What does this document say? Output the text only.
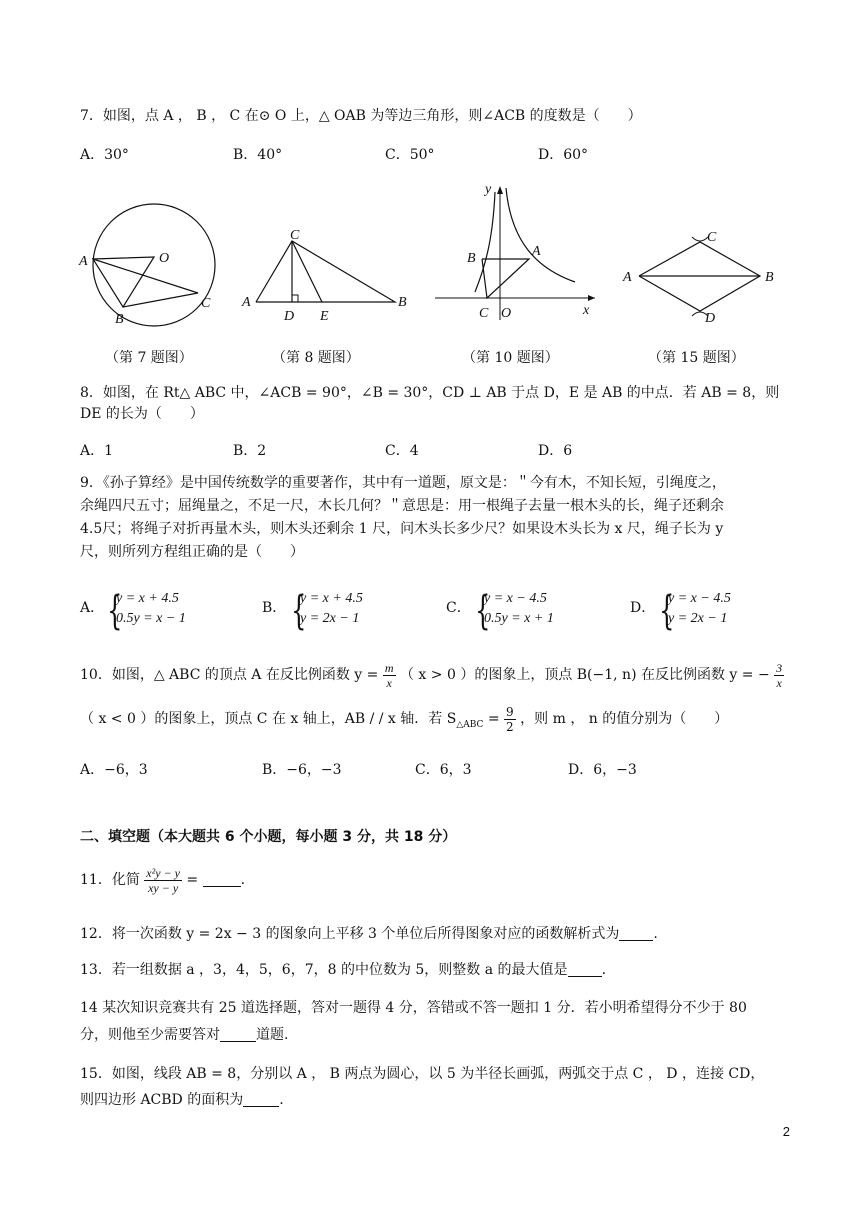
7．如图，点 A ， B ， C 在⊙ O 上，△ OAB 为等边三角形，则∠ACB 的度数是（　　）
A．30°	B．40°	C．50°	D．60°
A	O
B
C
C
A
D E
B
y
B	A
C O	x
C
A	B
D
（第 7 题图）	（第 8 题图）	（第 10 题图）	（第 15 题图）
8．如图，在 Rt△ ABC 中，∠ACB = 90°，∠B = 30°，CD ⊥ AB 于点 D，E 是 AB 的中点．若 AB = 8，则
DE 的长为（　　）
A．1	B．2	C．4	D．6
9．《孙子算经》是中国传统数学的重要著作，其中有一道题，原文是：＂今有木，不知长短，引绳度之，
余绳四尺五寸；屈绳量之，不足一尺，木长几何？＂意思是：用一根绳子去量一根木头的长，绳子还剩余
4.5尺；将绳子对折再量木头，则木头还剩余 1 尺，问木头长多少尺？如果设木头长为 x 尺，绳子长为 y
尺，则所列方程组正确的是（　　）
A． {
y = x + 4.5
0.5y = x − 1
B． {
y = x + 4.5
y = 2x − 1
C． {
y = x − 4.5
0.5y = x + 1
D． {
y = x − 4.5
y = 2x − 1
10．如图，△ ABC 的顶点 A 在反比例函数 $y = \frac{m}{x}$ （ x > 0 ）的图象上，顶点 B(−1, n) 在反比例函数 y = − $\frac{3}{x}$
（ x < 0 ）的图象上，顶点 C 在 x 轴上，AB / / x 轴．若 $S_{\triangle ABC} = \frac{9}{2}$ ，则 m ， n 的值分别为（　　）
A．−6，3	B．−6，−3	C．6，3	D．6，−3
二、填空题（本大题共 6 个小题，每小题 3 分，共 18 分）
11．化简 $\frac{\text{x²y − y}}{xy - y}$ =	.
12．将一次函数 y = 2x − 3 的图象向上平移 3 个单位后所得图象对应的函数解析式为 .
13．若一组数据 a ，3，4，5，6，7，8 的中位数为 5，则整数 a 的最大值是 .
14 某次知识竞赛共有 25 道选择题，答对一题得 4 分，答错或不答一题扣 1 分．若小明希望得分不少于 80
分，则他至少需要答对	道题.
15．如图，线段 AB = 8，分别以 A ， B 两点为圆心，以 5 为半径长画弧，两弧交于点 C ， D ，连接 CD，
则四边形 ACBD 的面积为	.
2
